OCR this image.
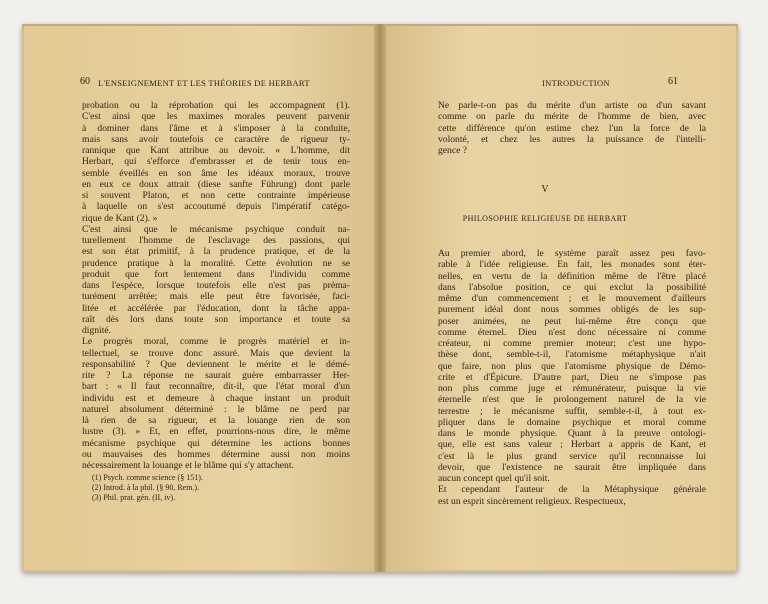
60 L'ENSEIGNEMENT ET LES THÉORIES DE HERBART
probation ou la réprobation qui les accompagnent (1).
C'est ainsi que les maximes morales peuvent parvenir
à dominer dans l'âme et à s'imposer à la conduite,
mais sans avoir toutefois ce caractère de rigueur ty-
rannique que Kant attribue au devoir. « L'homme, dit
Herbart, qui s'efforce d'embrasser et de tenir tous en-
semble éveillés en son âme les idéaux moraux, trouve
en eux ce doux attrait (diese sanfte Führung) dont parle
si souvent Platon, et non cette contrainte impérieuse
à laquelle on s'est accoutumé depuis l'impératif catégo-
rique de Kant (2). »
C'est ainsi que le mécanisme psychique conduit na-
turellement l'homme de l'esclavage des passions, qui
est son état primitif, à la prudence pratique, et de la
prudence pratique à la moralité. Cette évolution ne se
produit que fort lentement dans l'individu comme
dans l'espèce, lorsque toutefois elle n'est pas préma-
turément arrêtée; mais elle peut être favorisée, faci-
litée et accélérée par l'éducation, dont la tâche appa-
raît dès lors dans toute son importance et toute sa
dignité.
Le progrès moral, comme le progrès matériel et in-
tellectuel, se trouve donc assuré. Mais que devient la
responsabilité ? Que deviennent le mérite et le démé-
rite ? La réponse ne saurait guère embarrasser Her-
bart : « Il faut reconnaître, dit-il, que l'état moral d'un
individu est et demeure à chaque instant un produit
naturel absolument déterminé : le blâme ne perd par
là rien de sa rigueur, et la louange rien de son
lustre (3). » Et, en effet, pourrions-nous dire, le même
mécanisme psychique qui détermine les actions bonnes
ou mauvaises des hommes détermine aussi non moins
nécessairement la louange et le blâme qui s'y attachent.
(1) Psych. comme science (§ 151).
(2) Introd. à la phil. (§ 90, Rem.).
(3) Phil. prat. gén. (II, iv).
INTRODUCTION	61
Ne parle-t-on pas du mérite d'un artiste ou d'un savant
comme on parle du mérite de l'homme de bien, avec
cette différence qu'on estime chez l'un la force de la
volonté, et chez les autres la puissance de l'intelli-
gence ?
V
PHILOSOPHIE RELIGIEUSE DE HERBART
Au premier abord, le système paraît assez peu favo-
rable à l'idée religieuse. En fait, les monades sont éter-
nelles, en vertu de la définition même de l'être placé
dans l'absolue position, ce qui exclut la possibilité
même d'un commencement ; et le mouvement d'ailleurs
purement idéal dont nous sommes obligés de les sup-
poser animées, ne peut lui-même être conçu que
comme éternel. Dieu n'est donc nécessaire ni comme
créateur, ni comme premier moteur; c'est une hypo-
thèse dont, semble-t-il, l'atomisme métaphysique n'ait
que faire, non plus que l'atomisme physique de Démo-
crite et d'Épicure. D'autre part, Dieu ne s'impose pas
non plus comme juge et rémunérateur, puisque la vie
éternelle n'est que le prolongement naturel de la vie
terrestre ; le mécanisme suffit, semble-t-il, à tout ex-
pliquer dans le domaine psychique et moral comme
dans le monde physique. Quant à la preuve ontologi-
que, elle est sans valeur ; Herbart a appris de Kant, et
c'est là le plus grand service qu'il reconnaisse lui
devoir, que l'existence ne saurait être impliquée dans
aucun concept quel qu'il soit.
Et cependant l'auteur de la Métaphysique générale
est un esprit sincèrement religieux. Respectueux,
